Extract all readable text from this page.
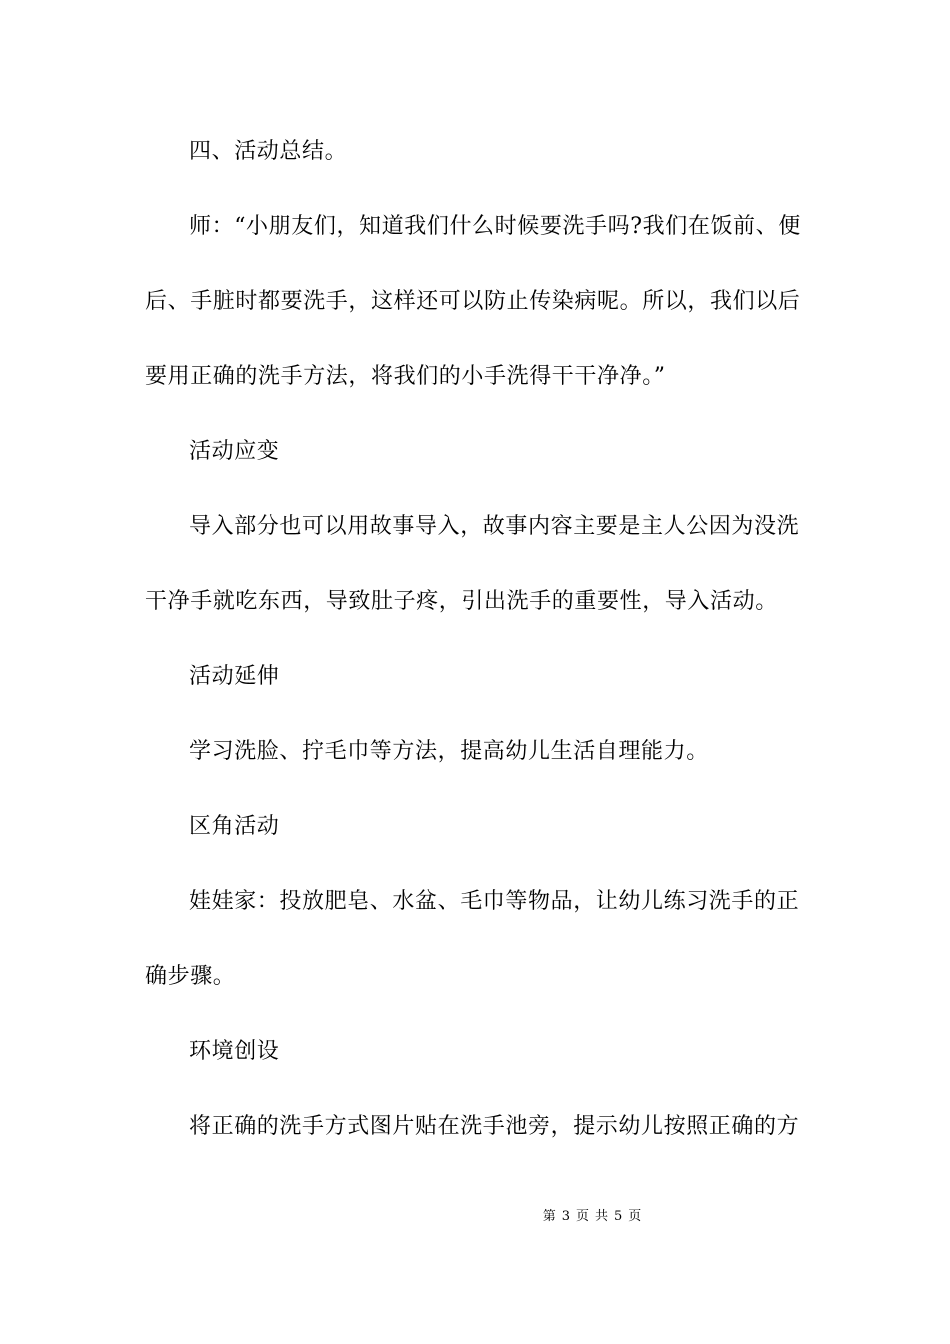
四、活动总结。
师：“小朋友们，知道我们什么时候要洗手吗?我们在饭前、便
后、手脏时都要洗手，这样还可以防止传染病呢。所以，我们以后
要用正确的洗手方法，将我们的小手洗得干干净净。”
活动应变
导入部分也可以用故事导入，故事内容主要是主人公因为没洗
干净手就吃东西，导致肚子疼，引出洗手的重要性，导入活动。
活动延伸
学习洗脸、拧毛巾等方法，提高幼儿生活自理能力。
区角活动
娃娃家：投放肥皂、水盆、毛巾等物品，让幼儿练习洗手的正
确步骤。
环境创设
将正确的洗手方式图片贴在洗手池旁，提示幼儿按照正确的方
第 3 页 共 5 页
